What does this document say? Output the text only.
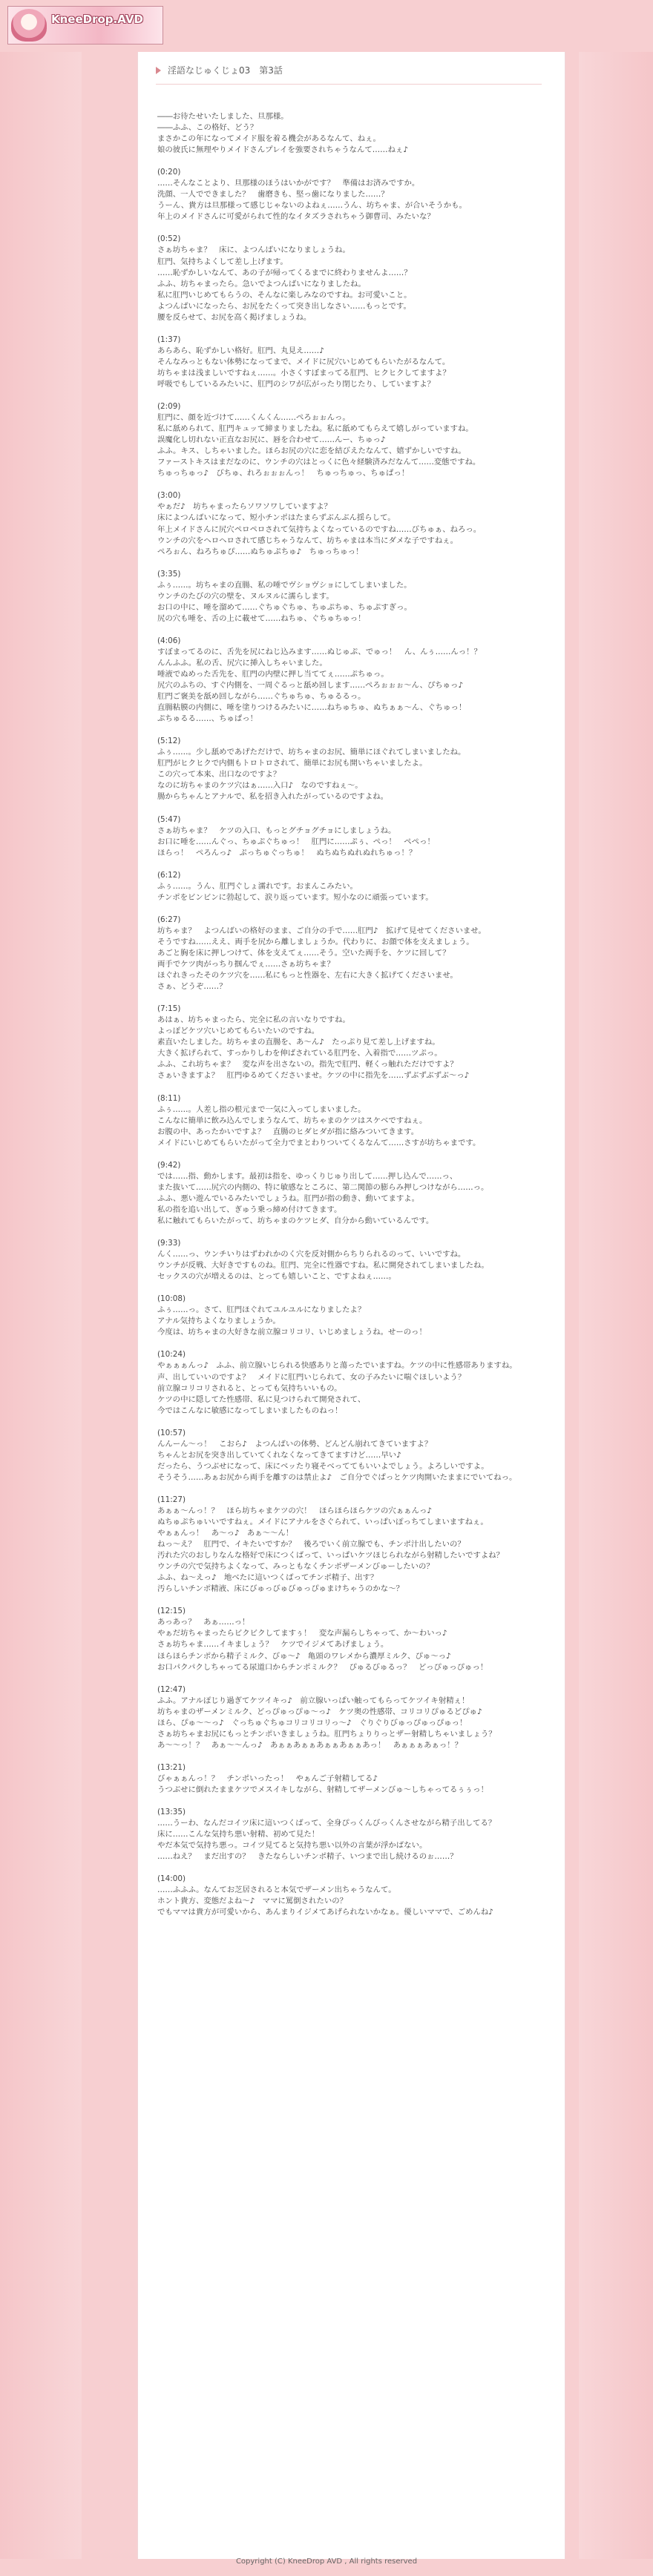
KneeDrop.AVD
淫語なじゅくじょ03　第3話

――お待たせいたしました、旦那様。
――ふふ、この格好、どう？
まさかこの年になってメイド服を着る機会があるなんて、ねぇ。
娘の彼氏に無理やりメイドさんプレイを強要されちゃうなんて……ねぇ♪

(0:20)
……そんなことより、旦那様のほうはいかがです？　準備はお済みですか。
洗顔、一人でできました？　歯磨きも、堅っ歯になりました……？
うーん、貴方は旦那様って感じじゃないのよねぇ……うん、坊ちゃま、が合いそうかも。
年上のメイドさんに可愛がられて性的なイタズラされちゃう御曹司、みたいな？

(0:52)
さぁ坊ちゃま？　床に、よつんばいになりましょうね。
肛門、気持ちよくして差し上げます。
……恥ずかしいなんて、あの子が帰ってくるまでに終わりませんよ……？
ふふ、坊ちゃまったら。急いでよつんばいになりましたね。
私に肛門いじめてもらうの、そんなに楽しみなのですね。お可愛いこと。
よつんばいになったら、お尻をたくって突き出しなさい……もっとです。
腰を反らせて、お尻を高く掲げましょうね。

(1:37)
あらあら、恥ずかしい格好。肛門、丸見え……♪
そんなみっともない体勢になってまで、メイドに尻穴いじめてもらいたがるなんて。
坊ちゃまは浅ましいですねぇ……。小さくすぼまってる肛門、ヒクヒクしてますよ？
呼吸でもしているみたいに、肛門のシワが広がったり閉じたり、していますよ？

(2:09)
肛門に、顔を近づけて……くんくん……ぺろぉぉんっ。
私に舐められて、肛門キュッて締まりましたね。私に舐めてもらえて嬉しがっていますね。
誤魔化し切れない正直なお尻に、唇を合わせて……んー、ちゅっ♪
ふふ。キス、しちゃいました。ほらお尻の穴に恋を結びえたなんて、嬉ずかしいですね。
ファーストキスはまだなのに、ウンチの穴はとっくに色々経験済みだなんて……変態ですね。
ちゅっちゅっ♪　びちゅ、れろぉぉぉんっ！　ちゅっちゅっ、ちゅぱっ！

(3:00)
やぁだ♪　坊ちゃまったらソワソワしていますよ？
床によつんばいになって、短小チンポはたまらずぶんぶん揺らして。
年上メイドさんに尻穴ペロペロされて気持ちよくなっているのですね……びちゅぁ、ねろっ。
ウンチの穴をヘロヘロされて感じちゃうなんて、坊ちゃまは本当にダメな子ですねぇ。
ぺろぉん、ねろちゅぴ……ぬちゅぷちゅ♪　ちゅっちゅっ！

(3:35)
ふぅ……。坊ちゃまの直腸、私の唾でヴショヴショにしてしまいました。
ウンチのたびの穴の壁を、ヌルヌルに濡らします。
お口の中に、唾を溜めて……ぐちゅぐちゅ、ちゅぷちゅ、ちゅぷすぎっ。
尻の穴も唾を、舌の上に載せて……ねちゅ、ぐちゅちゅっ！

(4:06)
すぼまってるのに、舌先を尻にねじ込みます……ぬじゅぷ、でゅっ！　ん、んぅ……んっ！？
んんふふ。私の舌、尻穴に挿入しちゃいました。
唾液でぬめった舌先を、肛門の内壁に押し当ててぇ……ぷちゅっ。
尻穴のふちの、すぐ内側を、一周ぐるっと舐め回します……ぺろぉぉぉ～ん、ぴちゅっ♪
肛門ご褒美を舐め回しながら……ぐちゅちゅ、ちゅるるっ。
直腸粘膜の内側に、唾を塗りつけるみたいに……ねちゅちゅ、ぬちぁぁ～ん、ぐちゅっ！
ぷちゅるる……、ちゅぱっ！

(5:12)
ふぅ……。少し舐めであげただけで、坊ちゃまのお尻、簡単にほぐれてしまいましたね。
肛門がヒクヒクで内側もトロトロされて、簡単にお尻も開いちゃいましたよ。
この穴って本来、出口なのですよ？
なのに坊ちゃまのケツ穴はぁ……入口♪　なのですねぇ～。
腸からちゃんとアナルで、私を招き入れたがっているのですよね。

(5:47)
さぁ坊ちゃま？　ケツの入口、もっとグチョグチョにしましょうね。
お口に唾を……んぐっ、ちゅぷぐちゅっ！　肛門に……ぷぅ、ぺっ！　ぺぺっ！
ほらっ！　ぺろんっ♪　ぷっちゅぐっちゅ！　ぬちぬちぬれぬれちゅっ！？

(6:12)
ふぅ……。うん、肛門ぐしょ濡れです。おまんこみたい。
チンポをビンビンに勃起して、涙り返っています。短小なのに頑張っています。

(6:27)
坊ちゃま？　よつんばいの格好のまま、ご自分の手で……肛門♪　拡げて見せてくださいませ。
そうですね……ええ、両手を尻から離しましょうか。代わりに、お顔で体を支えましょう。
あごと胸を床に押しつけて、体を支えてぇ……そう。空いた両手を、ケツに回して？
両手でケツ肉がっちり掴んでぇ……さぁ坊ちゃま？
ほぐれきったそのケツ穴を……私にもっと性器を、左右に大きく拡げてくださいませ。
さぁ、どうぞ……？

(7:15)
あはぁ、坊ちゃまったら、完全に私の言いなりですね。
よっぽどケツ穴いじめてもらいたいのですね。
素直いたしました。坊ちゃまの直腸を、あ～ん♪　たっぷり見て差し上げますね。
大きく拡げられて、すっかりしわを伸ばされている肛門を、入着指で……ツぷっ。
ふふ、これ坊ちゃま？　変な声を出さないの。指先で肛門、軽くっ触れただけですよ？
さぁいきますよ？　肛門ゆるめてくださいませ。ケツの中に指先を……ずぶずぶずぶ～っ♪

(8:11)
ふぅ……。人差し指の根元まで一気に入ってしまいました。
こんなに簡単に飲み込んでしまうなんて、坊ちゃまのケツはスケベですねぇ。
お腹の中、あったかいですよ？　直腸のヒダヒダが指に絡みついてきます。
メイドにいじめてもらいたがって全力でまとわりついてくるなんて……さすが坊ちゃまです。

(9:42)
では……指、動かします。最初は指を、ゆっくりじゅり出して……押し込んで……っ、
また抜いて……尻穴の内側の、特に敏感なところに、第二関節の膨らみ押しつけながら……っ。
ふふ、悪い遊んでいるみたいでしょうね。肛門が指の動き、動いてますよ。
私の指を追い出して、ぎゅう乗っ締め付けてきます。
私に触れてもらいたがって、坊ちゃまのケツヒダ、自分から動いているんです。

(9:33)
んく……っ、ウンチいりはずわれかのく穴を反対側からちりられるのって、いいですね。
ウンチが反戦、大好きですものね。肛門、完全に性器ですね。私に開発されてしまいましたね。
セックスの穴が増えるのは、とっても嬉しいこと、ですよねぇ……。

(10:08)
ふぅ……っ。さて、肛門ほぐれてユルユルになりましたよ？
アナル気持ちよくなりましょうか。
今度は、坊ちゃまの大好きな前立腺コリコリ、いじめましょうね。せーのっ！

(10:24)
やぁぁぁんっ♪　ふふ、前立腺いじられる快感ありと蕩ったでいますね。ケツの中に性感帯ありますね。
声、出していいのですよ？　メイドに肛門いじられて、女の子みたいに喘ぐほしいよう？
前立腺コリコリされると、とっても気持ちいいもの。
ケツの中に隠してた性感帯、私に見つけられて開発されて、
今ではこんなに敏感になってしまいましたものねっ！

(10:57)
んんーん～っ！　こおら♪　よつんばいの体勢、どんどん崩れてきていますよ？
ちゃんとお尻を突き出していてくれなくなってきてますけど……早い♪
だったら、うつぶせになって、床にベッたり寝そべっててもいいよでしょう。よろしいですよ。
そうそう……あぁお尻から両手を離すのは禁止よ♪　ご自分でぐぱっとケツ肉開いたままにでいてねっ。

(11:27)
あぁぁ～んっ！？　ほら坊ちゃまケツの穴！　ほらほらほらケツの穴ぁぁんっ♪
ぬちゅぷちゅいいですねぇ。メイドにアナルをさぐられて、いっぱいぽっちてしまいますねぇ。
やぁぁんっ！　あ～っ♪　あぁ～～ん！
ねっ～え？　肛門で、イキたいですか？　後ろでいく前立腺でも、チンポ汁出したいの？
汚れた穴のおしりなんな格好で床につくばって、いっぱいケツほじられながら射精したいですよね？
ウンチの穴で気持ちよくなって、みっともなくチンポザーメンびゅーしたいの？
ふふ、ね～えっ♪　地べたに這いつくばってチンポ精子、出す？
汚らしいチンポ精液、床にびゅっびゅびゅっぴゅまけちゃうのかな～？

(12:15)
あっあっ？　あぁ……っ！
やぁだ坊ちゃまったらビクビクしてますぅ！　変な声漏らしちゃって、か～わいっ♪
さぁ坊ちゃま……イキましょう？　ケツでイジメてあげましょう。
ほらほらチンポから精子ミルク、びゅ～♪　亀頭のワレメから濃厚ミルク、ぴゅ～っ♪
お口パクパクしちゃってる尿道口からチンポミルク？　ぴゅるびゅるっ？　どっぴゅっぴゅっ！

(12:47)
ふふ。アナルぽじり過ぎてケツイキっ♪　前立腺いっぱい触ってもらってケツイキ射精ぇ！
坊ちゃまのザーメンミルク、どっぴゅっぴゅ～っ♪　ケツ奥の性感帯、コリコリぴゅるどぴゅ♪
ほら、ぴゅ～～っ♪　ぐっちゅぐちゅコリコリコリっ～♪　ぐりぐりびゅっぴゅっぴゅっ！
さぁ坊ちゃまお尻にもっとチンポいきましょうね。肛門ちょりりっとザー射精しちゃいましょう？
あ～～っ！？　あぁ～～んっ♪　あぁぁあぁぁあぁぁあぁぁあっ！　あぁぁぁあぁっ！？

(13:21)
びゃぁぁんっ！？　チンポいったっ！　やぁんご子射精してる♪
うつぶせに倒れたままケツでメスイキしながら、射精してザーメンびゅ～しちゃってるぅぅっ！

(13:35)
……うーわ、なんだコイツ床に這いつくばって、全身ぴっくんびっくんさせながら精子出してる？
床に……こんな気持ち悪い射精、初めて見た！
やだ本気で気持ち悪っ。コイツ見てると気持ち悪い以外の言葉が浮かばない。
……ねえ？　まだ出すの？　きたならしいチンポ精子、いつまで出し続けるのぉ……？

(14:00)
……ふふふ。なんてお芝居されると本気でザーメン出ちゃうなんて。
ホント貴方、変態だよね～♪　ママに罵倒されたいの？
でもママは貴方が可愛いから、あんまりイジメてあげられないかなぁ。優しいママで、ごめんね♪

Copyright (C) KneeDrop AVD , All rights reserved
